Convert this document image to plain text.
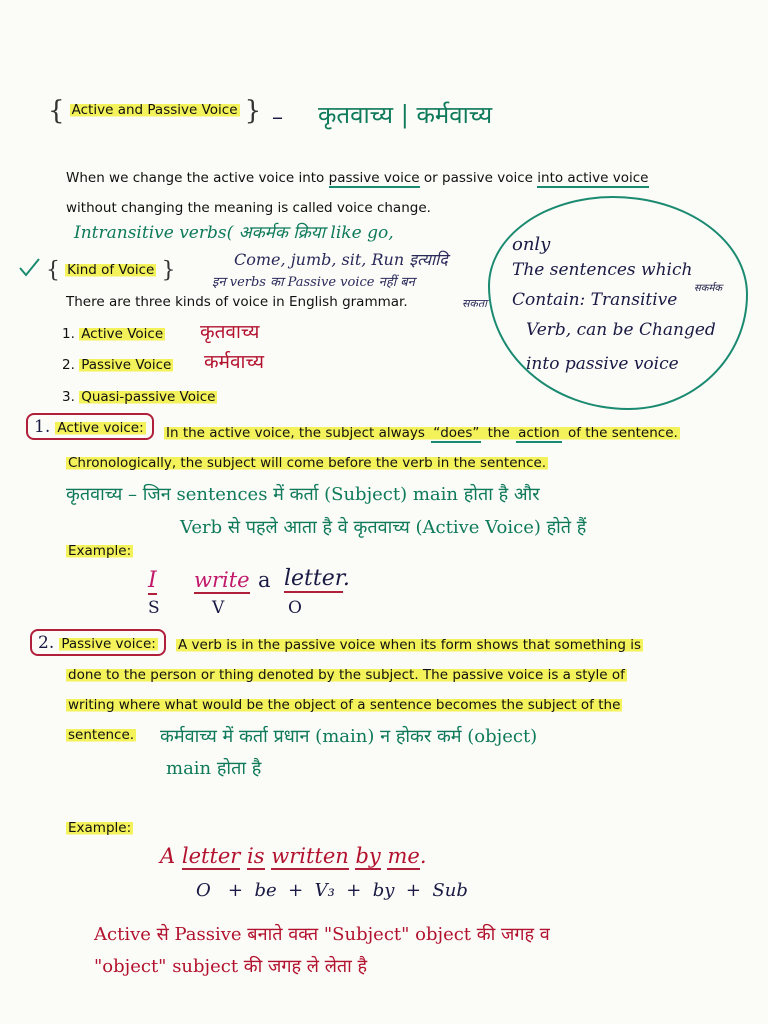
{ $^{Active and Passive Voice}$ } – कृतवाच्य | कर्मवाच्य
When we change the active voice into passive voice or passive voice into active voice
without changing the meaning is called voice change.
Intransitive verbs( अकर्मक क्रिया like go,
Come, jumb, sit, Run इत्यादि
इन verbs का Passive voice नहीं बन
सकता
only
The sentences which
Contain: Transitive
सकर्मक
Verb, can be Changed
into passive voice
{ Kind of Voice }
There are three kinds of voice in English grammar.
1. Active Voice कृतवाच्य
2. Passive Voice कर्मवाच्य
3. Quasi-passive Voice
1. Active voice:	In the active voice, the subject always “does” the action of the sentence.
Chronologically, the subject will come before the verb in the sentence.
कृतवाच्य – जिन sentences में कर्ता (Subject) main होता है और
Verb से पहले आता है वे कृतवाच्य (Active Voice) होते हैं
Example:
I write a letter.
S	V	O
2. Passive voice:	A verb is in the passive voice when its form shows that something is
done to the person or thing denoted by the subject. The passive voice is a style of
writing where what would be the object of a sentence becomes the subject of the
sentence. कर्मवाच्य में कर्ता प्रधान (main) न होकर कर्म (object)
main होता है
Example:
A letter is written by me.
O   +  be  +  V₃  +  by  +  Sub
Active से Passive बनाते वक्त "Subject" object की जगह व
"object" subject की जगह ले लेता है
